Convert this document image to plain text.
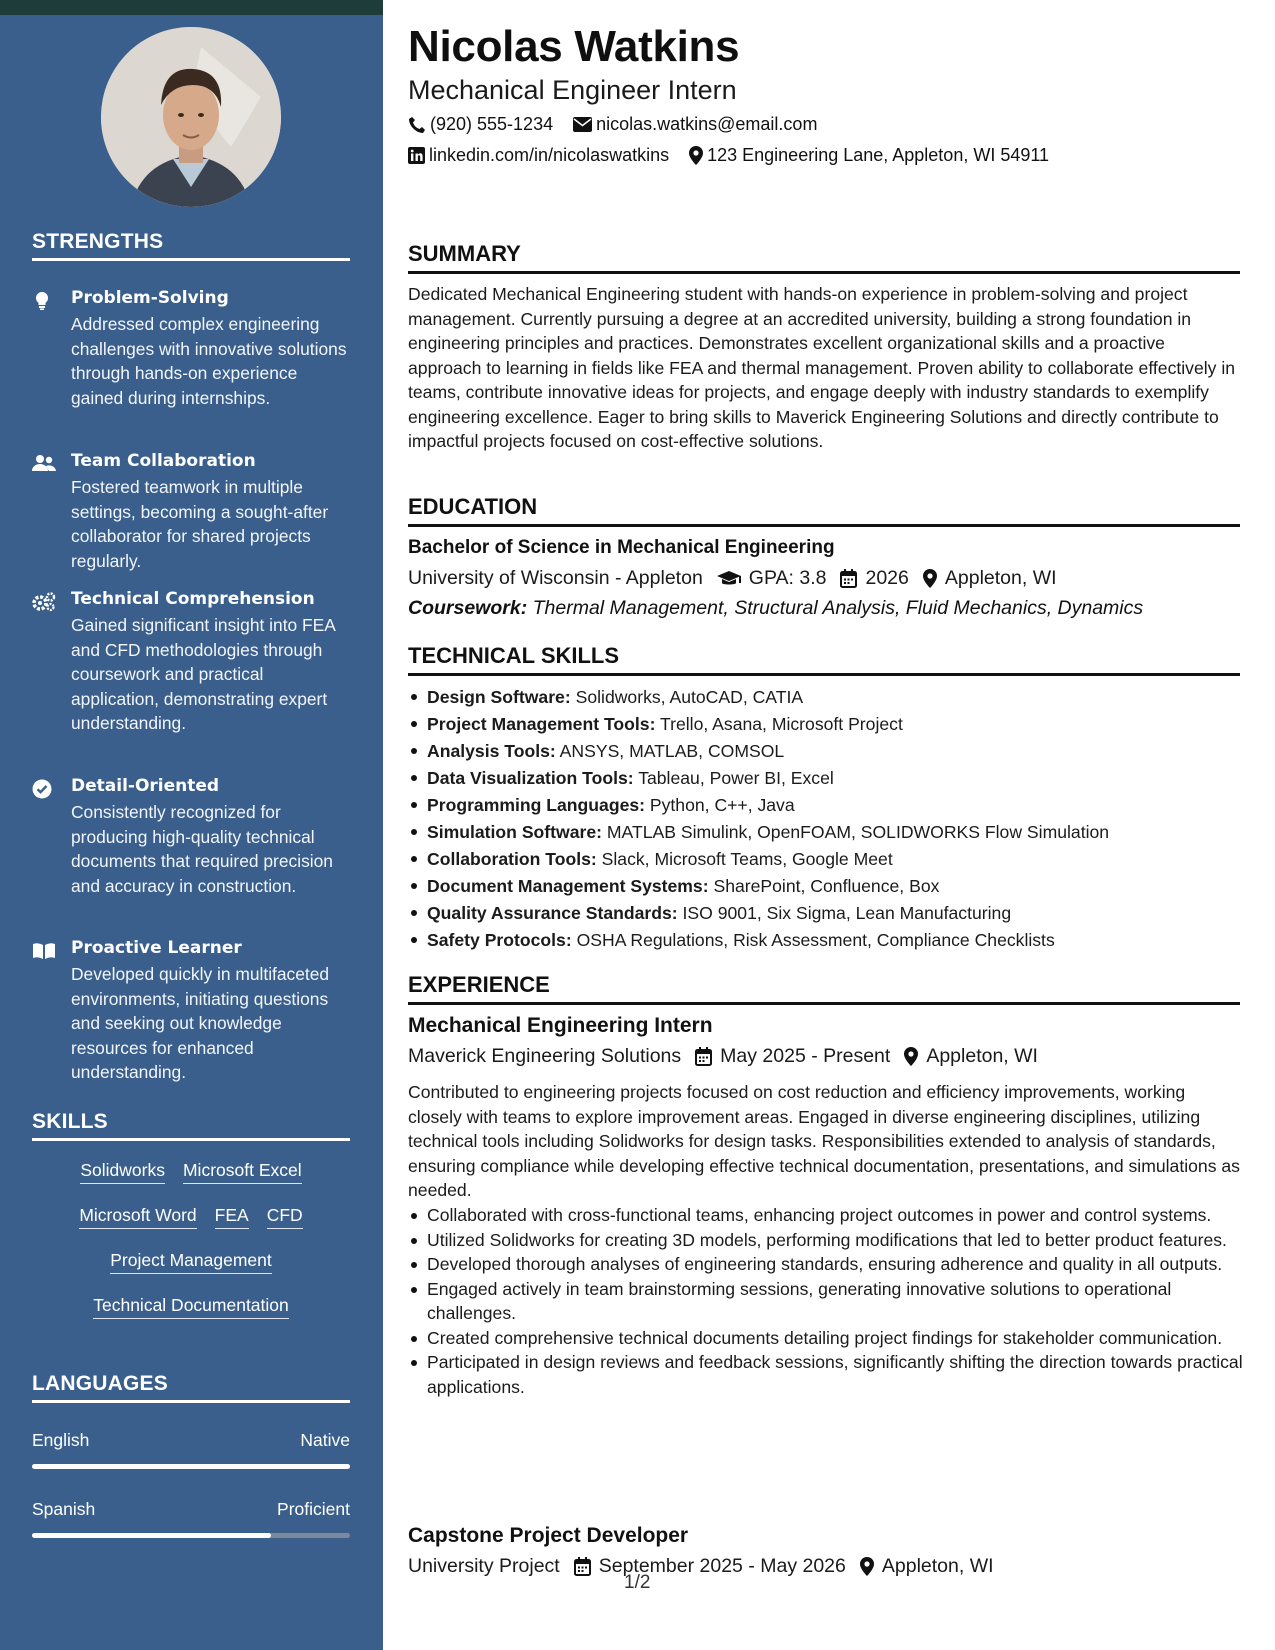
STRENGTHS
Problem-Solving
Addressed complex engineering challenges with innovative solutions through hands-on experience gained during internships.
Team Collaboration
Fostered teamwork in multiple settings, becoming a sought-after collaborator for shared projects regularly.
Technical Comprehension
Gained significant insight into FEA and CFD methodologies through coursework and practical application, demonstrating expert understanding.
Detail-Oriented
Consistently recognized for producing high-quality technical documents that required precision and accuracy in construction.
Proactive Learner
Developed quickly in multifaceted environments, initiating questions and seeking out knowledge resources for enhanced understanding.
SKILLS
Solidworks Microsoft Excel
Microsoft Word FEA CFD
Project Management
Technical Documentation
LANGUAGES
English	Native
Spanish	Proficient
Nicolas Watkins
Mechanical Engineer Intern
(920) 555-1234 nicolas.watkins@email.com
linkedin.com/in/nicolaswatkins 123 Engineering Lane, Appleton, WI 54911
SUMMARY
Dedicated Mechanical Engineering student with hands-on experience in problem-solving and project management. Currently pursuing a degree at an accredited university, building a strong foundation in engineering principles and practices. Demonstrates excellent organizational skills and a proactive approach to learning in fields like FEA and thermal management. Proven ability to collaborate effectively in teams, contribute innovative ideas for projects, and engage deeply with industry standards to exemplify engineering excellence. Eager to bring skills to Maverick Engineering Solutions and directly contribute to impactful projects focused on cost-effective solutions.
EDUCATION
Bachelor of Science in Mechanical Engineering
University of Wisconsin - Appleton GPA: 3.8 2026 Appleton, WI
Coursework: Thermal Management, Structural Analysis, Fluid Mechanics, Dynamics
TECHNICAL SKILLS
Design Software: Solidworks, AutoCAD, CATIA
Project Management Tools: Trello, Asana, Microsoft Project
Analysis Tools: ANSYS, MATLAB, COMSOL
Data Visualization Tools: Tableau, Power BI, Excel
Programming Languages: Python, C++, Java
Simulation Software: MATLAB Simulink, OpenFOAM, SOLIDWORKS Flow Simulation
Collaboration Tools: Slack, Microsoft Teams, Google Meet
Document Management Systems: SharePoint, Confluence, Box
Quality Assurance Standards: ISO 9001, Six Sigma, Lean Manufacturing
Safety Protocols: OSHA Regulations, Risk Assessment, Compliance Checklists
EXPERIENCE
Mechanical Engineering Intern
Maverick Engineering Solutions May 2025 - Present Appleton, WI
Contributed to engineering projects focused on cost reduction and efficiency improvements, working closely with teams to explore improvement areas. Engaged in diverse engineering disciplines, utilizing technical tools including Solidworks for design tasks. Responsibilities extended to analysis of standards, ensuring compliance while developing effective technical documentation, presentations, and simulations as needed.
Collaborated with cross-functional teams, enhancing project outcomes in power and control systems.
Utilized Solidworks for creating 3D models, performing modifications that led to better product features.
Developed thorough analyses of engineering standards, ensuring adherence and quality in all outputs.
Engaged actively in team brainstorming sessions, generating innovative solutions to operational challenges.
Created comprehensive technical documents detailing project findings for stakeholder communication.
Participated in design reviews and feedback sessions, significantly shifting the direction towards practical applications.
Capstone Project Developer
University Project September 2025 - May 2026 Appleton, WI
1/2
